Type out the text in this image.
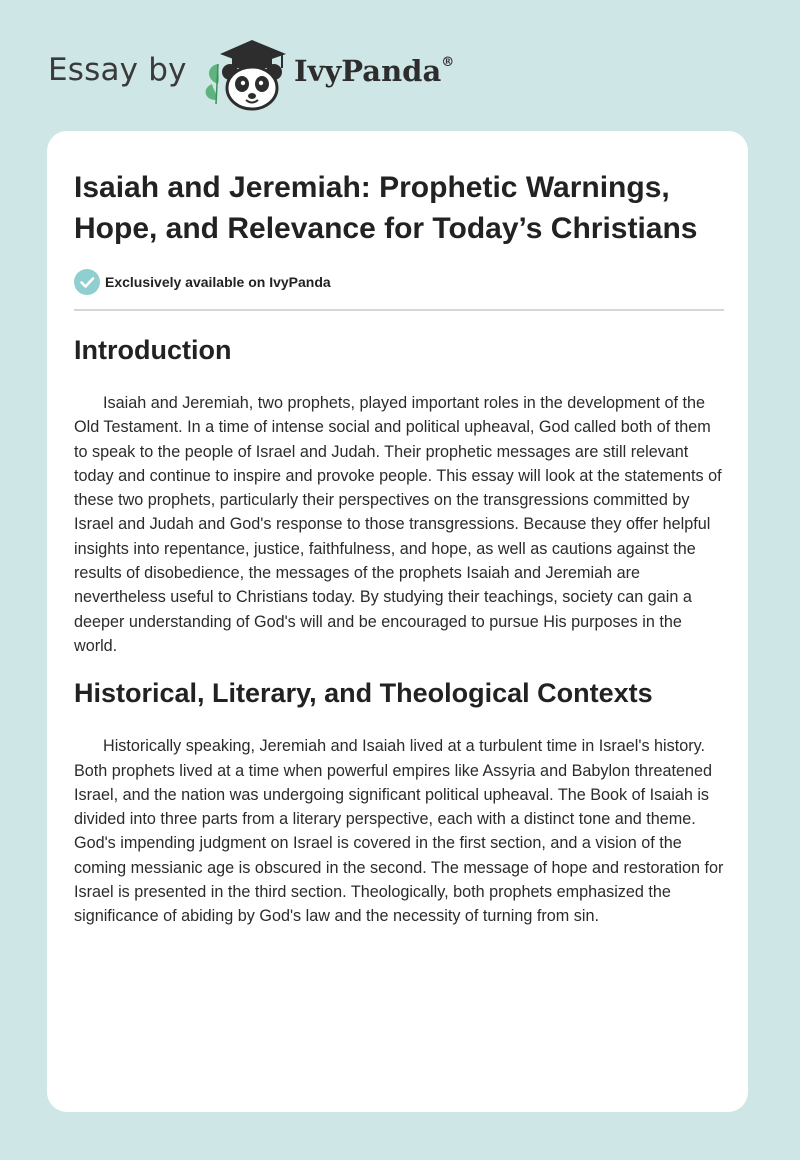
Essay by	IvyPanda®
Isaiah and Jeremiah: Prophetic Warnings, Hope, and Relevance for Today’s Christians
Exclusively available on IvyPanda
Introduction

Isaiah and Jeremiah, two prophets, played important roles in the development of the Old Testament. In a time of intense social and political upheaval, God called both of them to speak to the people of Israel and Judah. Their prophetic messages are still relevant today and continue to inspire and provoke people. This essay will look at the statements of these two prophets, particularly their perspectives on the transgressions committed by Israel and Judah and God's response to those transgressions. Because they offer helpful insights into repentance, justice, faithfulness, and hope, as well as cautions against the results of disobedience, the messages of the prophets Isaiah and Jeremiah are nevertheless useful to Christians today. By studying their teachings, society can gain a deeper understanding of God's will and be encouraged to pursue His purposes in the world.

Historical, Literary, and Theological Contexts

Historically speaking, Jeremiah and Isaiah lived at a turbulent time in Israel's history. Both prophets lived at a time when powerful empires like Assyria and Babylon threatened Israel, and the nation was undergoing significant political upheaval. The Book of Isaiah is divided into three parts from a literary perspective, each with a distinct tone and theme. God's impending judgment on Israel is covered in the first section, and a vision of the coming messianic age is obscured in the second. The message of hope and restoration for Israel is presented in the third section. Theologically, both prophets emphasized the significance of abiding by God's law and the necessity of turning from sin.
